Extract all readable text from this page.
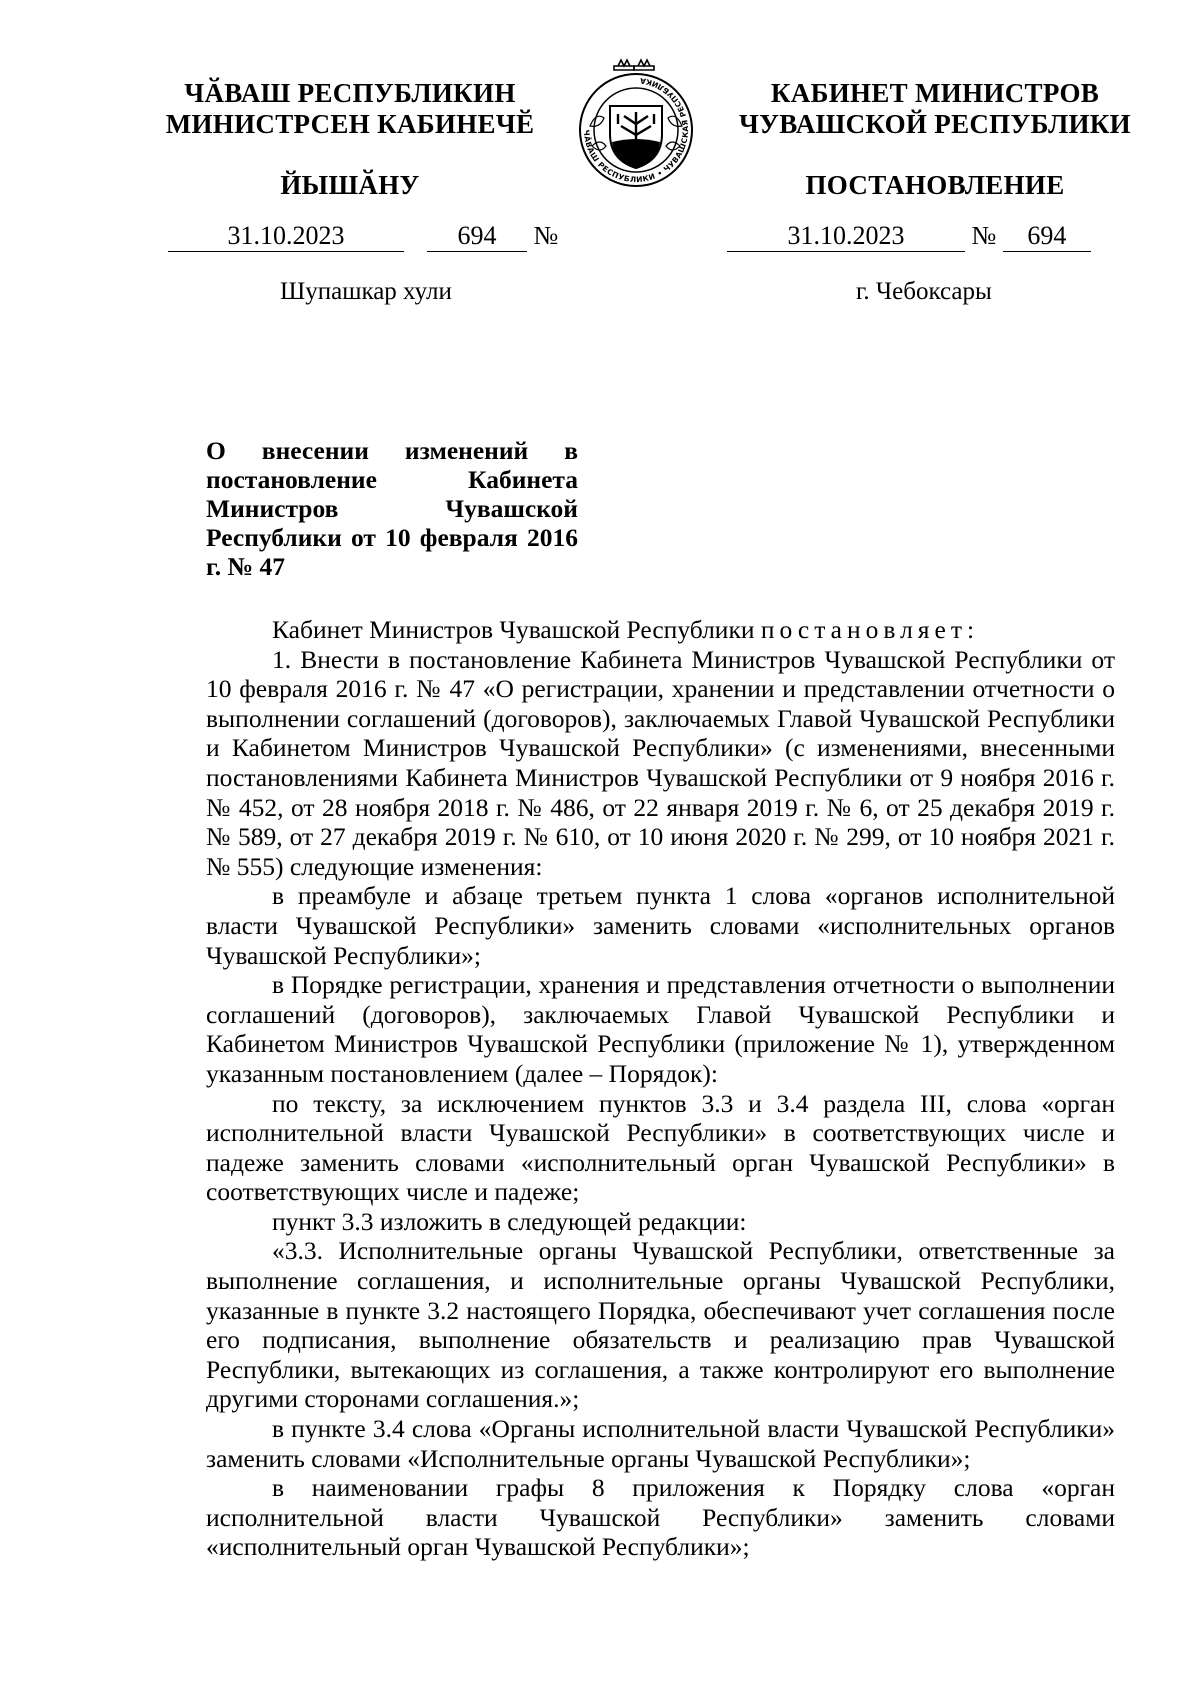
ЧӐВАШ РЕСПУБЛИКИН
МИНИСТРСЕН КАБИНЕЧӖ
ЙЫШӐНУ
ЧӐВАШ РЕСПУБЛИКИ • ЧУВАШСКАЯ РЕСПУБЛИКА	КАБИНЕТ МИНИСТРОВ
ЧУВАШСКОЙ РЕСПУБЛИКИ
ПОСТАНОВЛЕНИЕ
31.10.2023	694 №	31.10.2023	№ 694
Шупашкар хули	г. Чебоксары

О внесении изменений в постановление Кабинета Министров Чувашской Республики от 10 февраля 2016 г. № 47

Кабинет Министров Чувашской Республики постановляет:

1. Внести в постановление Кабинета Министров Чувашской Республики от 10 февраля 2016 г. № 47 «О регистрации, хранении и представлении отчетности о выполнении соглашений (договоров), заключаемых Главой Чувашской Республики и Кабинетом Министров Чувашской Республики» (с изменениями, внесенными постановлениями Кабинета Министров Чувашской Республики от 9 ноября 2016 г. № 452, от 28 ноября 2018 г. № 486, от 22 января 2019 г. № 6, от 25 декабря 2019 г. № 589, от 27 декабря 2019 г. № 610, от 10 июня 2020 г. № 299, от 10 ноября 2021 г. № 555) следующие изменения:

в преамбуле и абзаце третьем пункта 1 слова «органов исполнительной власти Чувашской Республики» заменить словами «исполнительных органов Чувашской Республики»;

в Порядке регистрации, хранения и представления отчетности о выполнении соглашений (договоров), заключаемых Главой Чувашской Республики и Кабинетом Министров Чувашской Республики (приложение № 1), утвержденном указанным постановлением (далее – Порядок):

по тексту, за исключением пунктов 3.3 и 3.4 раздела III, слова «орган исполнительной власти Чувашской Республики» в соответствующих числе и падеже заменить словами «исполнительный орган Чувашской Республики» в соответствующих числе и падеже;

пункт 3.3 изложить в следующей редакции:

«3.3. Исполнительные органы Чувашской Республики, ответственные за выполнение соглашения, и исполнительные органы Чувашской Республики, указанные в пункте 3.2 настоящего Порядка, обеспечивают учет соглашения после его подписания, выполнение обязательств и реализацию прав Чувашской Республики, вытекающих из соглашения, а также контролируют его выполнение другими сторонами соглашения.»;

в пункте 3.4 слова «Органы исполнительной власти Чувашской Республики» заменить словами «Исполнительные органы Чувашской Республики»;

в наименовании графы 8 приложения к Порядку слова «орган исполнительной власти Чувашской Республики» заменить словами «исполнительный орган Чувашской Республики»;
